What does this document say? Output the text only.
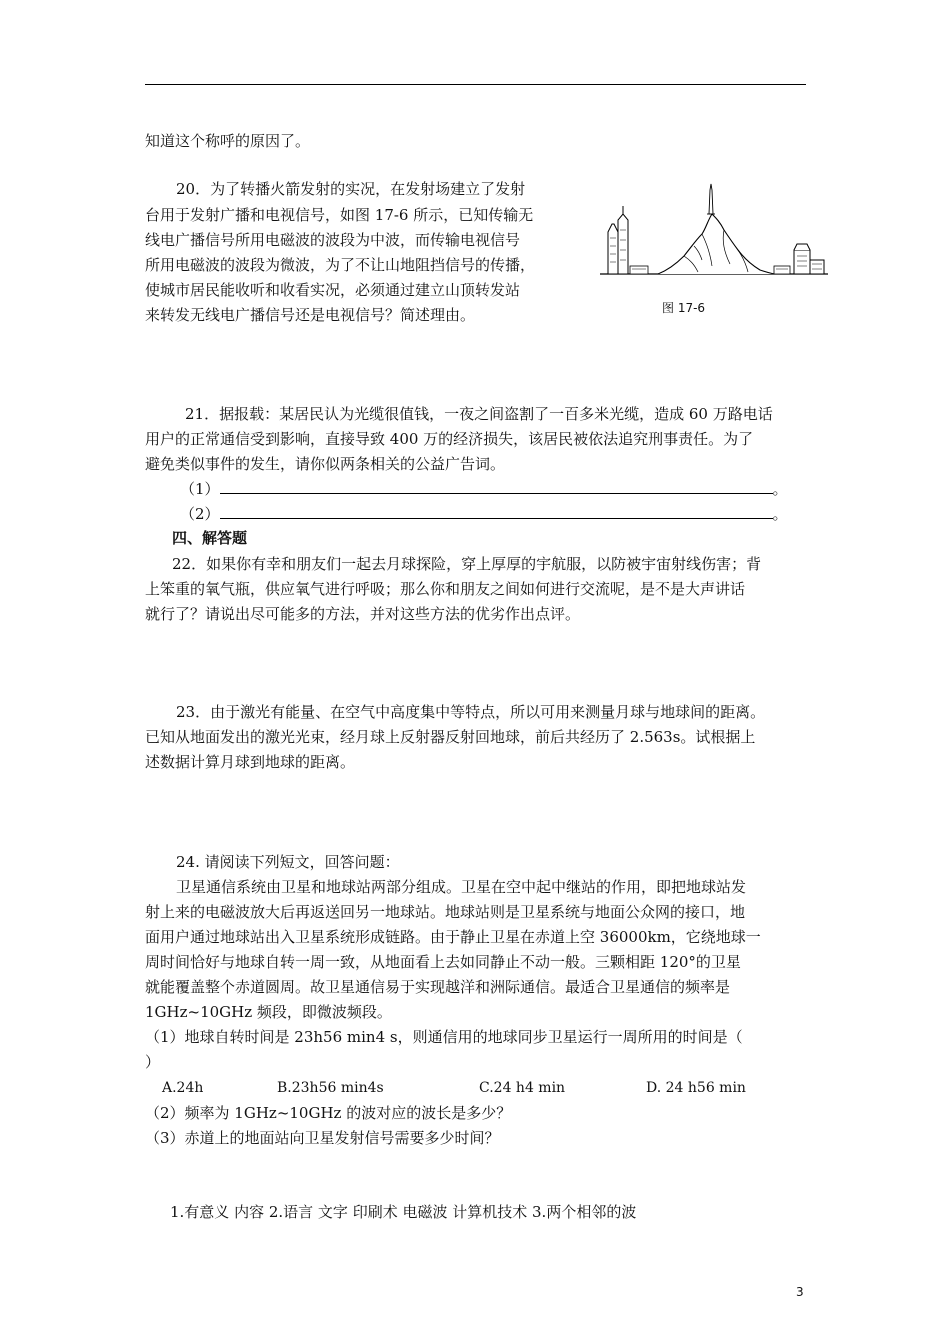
知道这个称呼的原因了。
20．为了转播火箭发射的实况，在发射场建立了发射
台用于发射广播和电视信号，如图 17-6 所示，已知传输无
线电广播信号所用电磁波的波段为中波，而传输电视信号
所用电磁波的波段为微波，为了不让山地阻挡信号的传播，
使城市居民能收听和收看实况，必须通过建立山顶转发站
来转发无线电广播信号还是电视信号？简述理由。	图 17-6
21．据报载：某居民认为光缆很值钱，一夜之间盗割了一百多米光缆，造成 60 万路电话
用户的正常通信受到影响，直接导致 400 万的经济损失，该居民被依法追究刑事责任。为了
避免类似事件的发生，请你似两条相关的公益广告词。
（1）	。
（2）	。
四、解答题
22．如果你有幸和朋友们一起去月球探险，穿上厚厚的宇航服，以防被宇宙射线伤害；背
上笨重的氧气瓶，供应氧气进行呼吸；那么你和朋友之间如何进行交流呢，是不是大声讲话
就行了？请说出尽可能多的方法，并对这些方法的优劣作出点评。
23．由于激光有能量、在空气中高度集中等特点，所以可用来测量月球与地球间的距离。
已知从地面发出的激光光束，经月球上反射器反射回地球，前后共经历了 2.563s。试根据上
述数据计算月球到地球的距离。
24. 请阅读下列短文，回答问题：
卫星通信系统由卫星和地球站两部分组成。卫星在空中起中继站的作用，即把地球站发
射上来的电磁波放大后再返送回另一地球站。地球站则是卫星系统与地面公众网的接口，地
面用户通过地球站出入卫星系统形成链路。由于静止卫星在赤道上空 36000km，它绕地球一
周时间恰好与地球自转一周一致，从地面看上去如同静止不动一般。三颗相距 120°的卫星
就能覆盖整个赤道圆周。故卫星通信易于实现越洋和洲际通信。最适合卫星通信的频率是
1GHz~10GHz 频段，即微波频段。
（1）地球自转时间是 23h56 min4 s，则通信用的地球同步卫星运行一周所用的时间是（
）
A.24h	B.23h56 min4s	C.24 h4 min	D. 24 h56 min
（2）频率为 1GHz~10GHz 的波对应的波长是多少？
（3）赤道上的地面站向卫星发射信号需要多少时间？
1.有意义 内容 2.语言 文字 印刷术 电磁波 计算机技术 3.两个相邻的波
3
